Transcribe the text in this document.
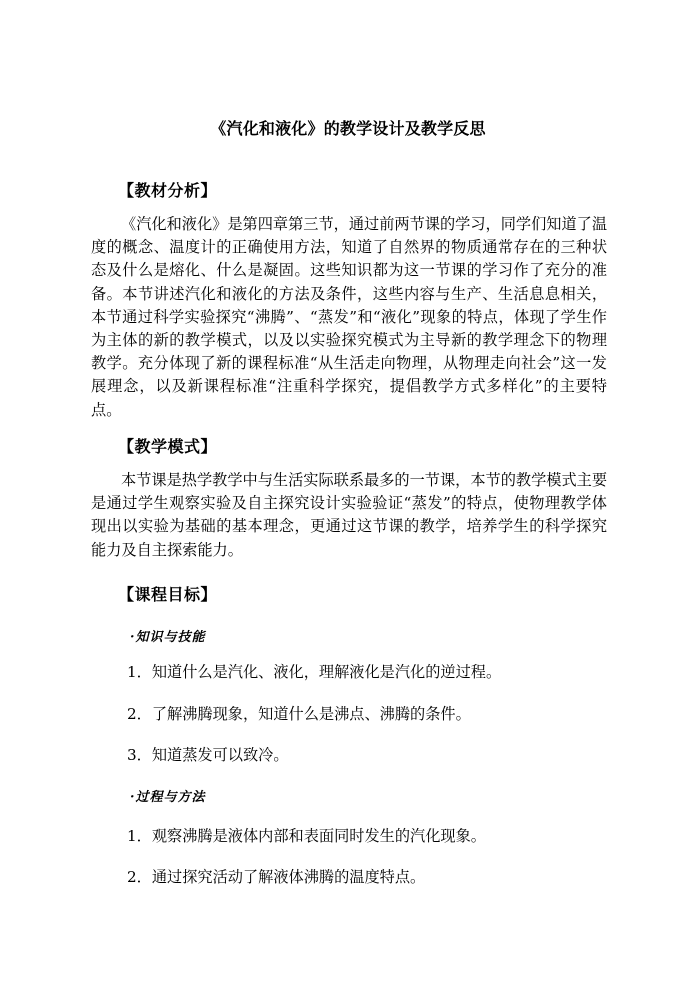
《汽化和液化》的教学设计及教学反思
【教材分析】
《汽化和液化》是第四章第三节，通过前两节课的学习，同学们知道了温度的概念、温度计的正确使用方法，知道了自然界的物质通常存在的三种状态及什么是熔化、什么是凝固。这些知识都为这一节课的学习作了充分的准备。本节讲述汽化和液化的方法及条件，这些内容与生产、生活息息相关，本节通过科学实验探究“沸腾”、“蒸发”和“液化”现象的特点，体现了学生作为主体的新的教学模式，以及以实验探究模式为主导新的教学理念下的物理教学。充分体现了新的课程标准“从生活走向物理，从物理走向社会”这一发展理念，以及新课程标准“注重科学探究，提倡教学方式多样化”的主要特点。
【教学模式】
本节课是热学教学中与生活实际联系最多的一节课，本节的教学模式主要是通过学生观察实验及自主探究设计实验验证“蒸发”的特点，使物理教学体现出以实验为基础的基本理念，更通过这节课的教学，培养学生的科学探究能力及自主探索能力。
【课程目标】
·知识与技能
1．知道什么是汽化、液化，理解液化是汽化的逆过程。
2．了解沸腾现象，知道什么是沸点、沸腾的条件。
3．知道蒸发可以致冷。
·过程与方法
1．观察沸腾是液体内部和表面同时发生的汽化现象。
2．通过探究活动了解液体沸腾的温度特点。
